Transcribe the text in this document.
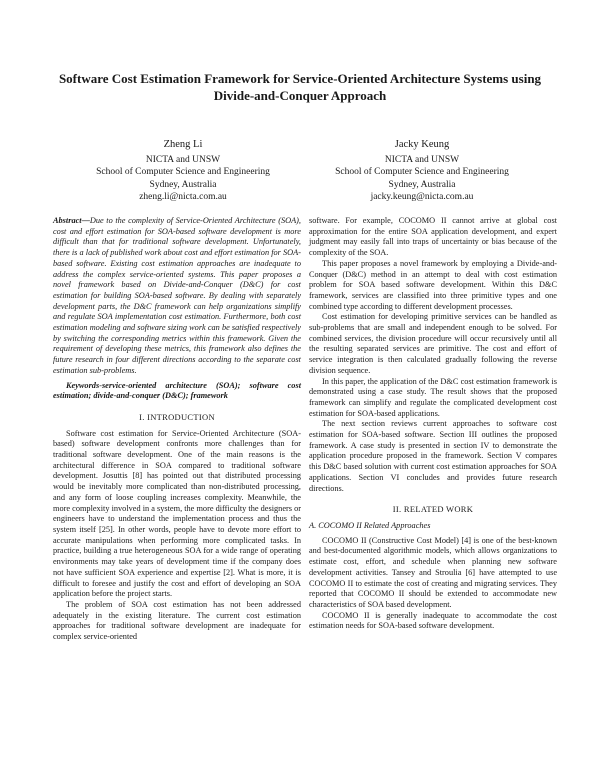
Software Cost Estimation Framework for Service-Oriented Architecture Systems using Divide-and-Conquer Approach
Zheng Li
NICTA and UNSW
School of Computer Science and Engineering
Sydney, Australia
zheng.li@nicta.com.au
Jacky Keung
NICTA and UNSW
School of Computer Science and Engineering
Sydney, Australia
jacky.keung@nicta.com.au

Abstract—Due to the complexity of Service-Oriented Architecture (SOA), cost and effort estimation for SOA-based software development is more difficult than that for traditional software development. Unfortunately, there is a lack of published work about cost and effort estimation for SOA-based software. Existing cost estimation approaches are inadequate to address the complex service-oriented systems. This paper proposes a novel framework based on Divide-and-Conquer (D&C) for cost estimation for building SOA-based software. By dealing with separately development parts, the D&C framework can help organizations simplify and regulate SOA implementation cost estimation. Furthermore, both cost estimation modeling and software sizing work can be satisfied respectively by switching the corresponding metrics within this framework. Given the requirement of developing these metrics, this framework also defines the future research in four different directions according to the separate cost estimation sub-problems.

Keywords-service-oriented architecture (SOA); software cost estimation; divide-and-conquer (D&C); framework

I. INTRODUCTION

Software cost estimation for Service-Oriented Architecture (SOA-based) software development confronts more challenges than for traditional software development. One of the main reasons is the architectural difference in SOA compared to traditional software development. Josuttis [8] has pointed out that distributed processing would be inevitably more complicated than non-distributed processing, and any form of loose coupling increases complexity. Meanwhile, the more complexity involved in a system, the more difficulty the designers or engineers have to understand the implementation process and thus the system itself [25]. In other words, people have to devote more effort to accurate manipulations when performing more complicated tasks. In practice, building a true heterogeneous SOA for a wide range of operating environments may take years of development time if the company does not have sufficient SOA experience and expertise [2]. What is more, it is difficult to foresee and justify the cost and effort of developing an SOA application before the project starts.

The problem of SOA cost estimation has not been addressed adequately in the existing literature. The current cost estimation approaches for traditional software development are inadequate for complex service-oriented

software. For example, COCOMO II cannot arrive at global cost approximation for the entire SOA application development, and expert judgment may easily fall into traps of uncertainty or bias because of the complexity of the SOA.

This paper proposes a novel framework by employing a Divide-and-Conquer (D&C) method in an attempt to deal with cost estimation problem for SOA based software development. Within this D&C framework, services are classified into three primitive types and one combined type according to different development processes.

Cost estimation for developing primitive services can be handled as sub-problems that are small and independent enough to be solved. For combined services, the division procedure will occur recursively until all the resulting separated services are primitive. The cost and effort of service integration is then calculated gradually following the reverse division sequence.

In this paper, the application of the D&C cost estimation framework is demonstrated using a case study. The result shows that the proposed framework can simplify and regulate the complicated development cost estimation for SOA-based applications.

The next section reviews current approaches to software cost estimation for SOA-based software. Section III outlines the proposed framework. A case study is presented in section IV to demonstrate the application procedure proposed in the framework. Section V compares this D&C based solution with current cost estimation approaches for SOA applications. Section VI concludes and provides future research directions.

II. RELATED WORK
A. COCOMO II Related Approaches

COCOMO II (Constructive Cost Model) [4] is one of the best-known and best-documented algorithmic models, which allows organizations to estimate cost, effort, and schedule when planning new software development activities. Tansey and Stroulia [6] have attempted to use COCOMO II to estimate the cost of creating and migrating services. They reported that COCOMO II should be extended to accommodate new characteristics of SOA based development.

COCOMO II is generally inadequate to accommodate the cost estimation needs for SOA-based software development.
